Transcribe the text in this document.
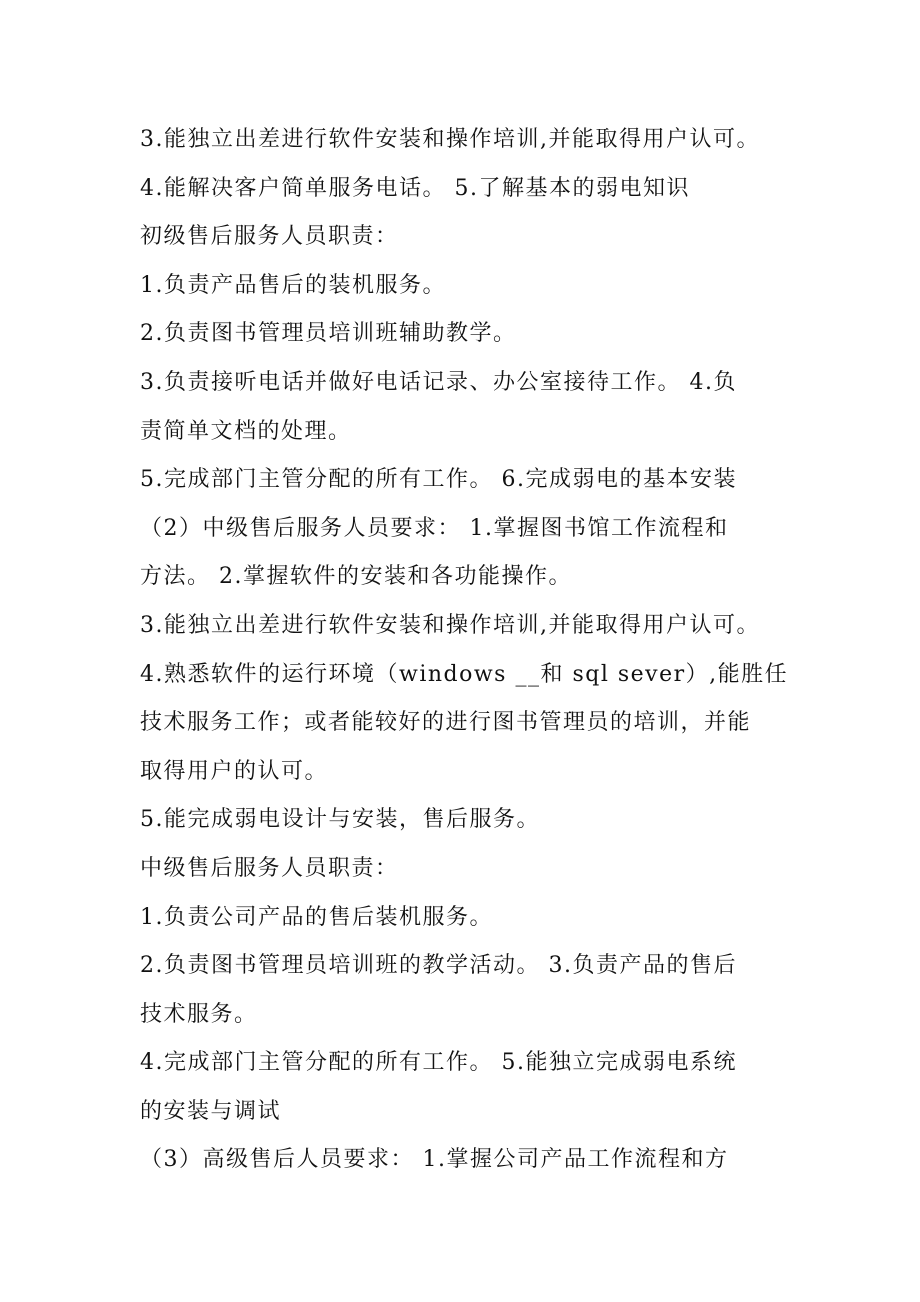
3.能独立出差进行软件安装和操作培训,并能取得用户认可。
4.能解决客户简单服务电话。 5.了解基本的弱电知识
初级售后服务人员职责：
1.负责产品售后的装机服务。
2.负责图书管理员培训班辅助教学。
3.负责接听电话并做好电话记录、办公室接待工作。 4.负
责简单文档的处理。
5.完成部门主管分配的所有工作。 6.完成弱电的基本安装
（2）中级售后服务人员要求： 1.掌握图书馆工作流程和
方法。 2.掌握软件的安装和各功能操作。
3.能独立出差进行软件安装和操作培训,并能取得用户认可。
4.熟悉软件的运行环境（windows __和 sql sever）,能胜任
技术服务工作；或者能较好的进行图书管理员的培训，并能
取得用户的认可。
5.能完成弱电设计与安装，售后服务。
中级售后服务人员职责：
1.负责公司产品的售后装机服务。
2.负责图书管理员培训班的教学活动。 3.负责产品的售后
技术服务。
4.完成部门主管分配的所有工作。 5.能独立完成弱电系统
的安装与调试
（3）高级售后人员要求： 1.掌握公司产品工作流程和方
